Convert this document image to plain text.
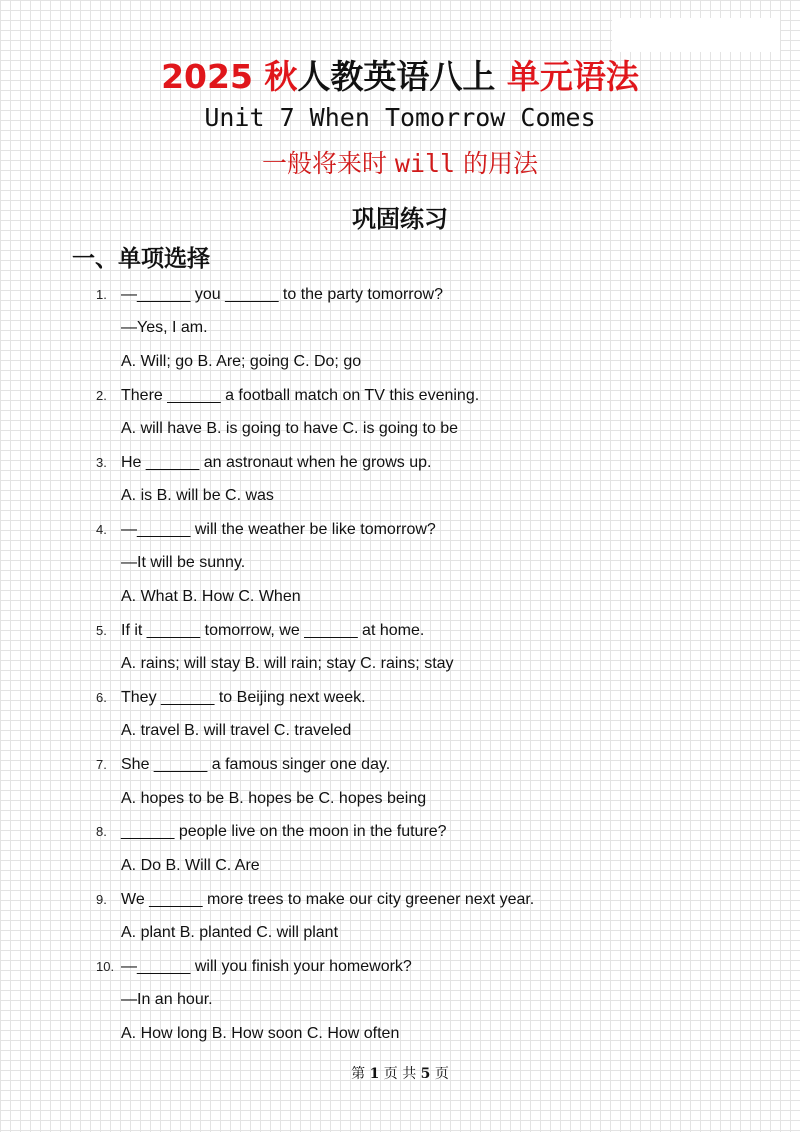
2025 秋人教英语八上 单元语法
Unit 7 When Tomorrow Comes
一般将来时 will 的用法
巩固练习
一、单项选择
1. —______ you ______ to the party tomorrow?
—Yes, I am.
A. Will; go B. Are; going C. Do; go
2. There ______ a football match on TV this evening.
A. will have B. is going to have C. is going to be
3. He ______ an astronaut when he grows up.
A. is B. will be C. was
4. —______ will the weather be like tomorrow?
—It will be sunny.
A. What B. How C. When
5. If it ______ tomorrow, we ______ at home.
A. rains; will stay B. will rain; stay C. rains; stay
6. They ______ to Beijing next week.
A. travel B. will travel C. traveled
7. She ______ a famous singer one day.
A. hopes to be B. hopes be C. hopes being
8. ______ people live on the moon in the future?
A. Do B. Will C. Are
9. We ______ more trees to make our city greener next year.
A. plant B. planted C. will plant
10. —______ will you finish your homework?
—In an hour.
A. How long B. How soon C. How often
第 1 页 共 5 页
